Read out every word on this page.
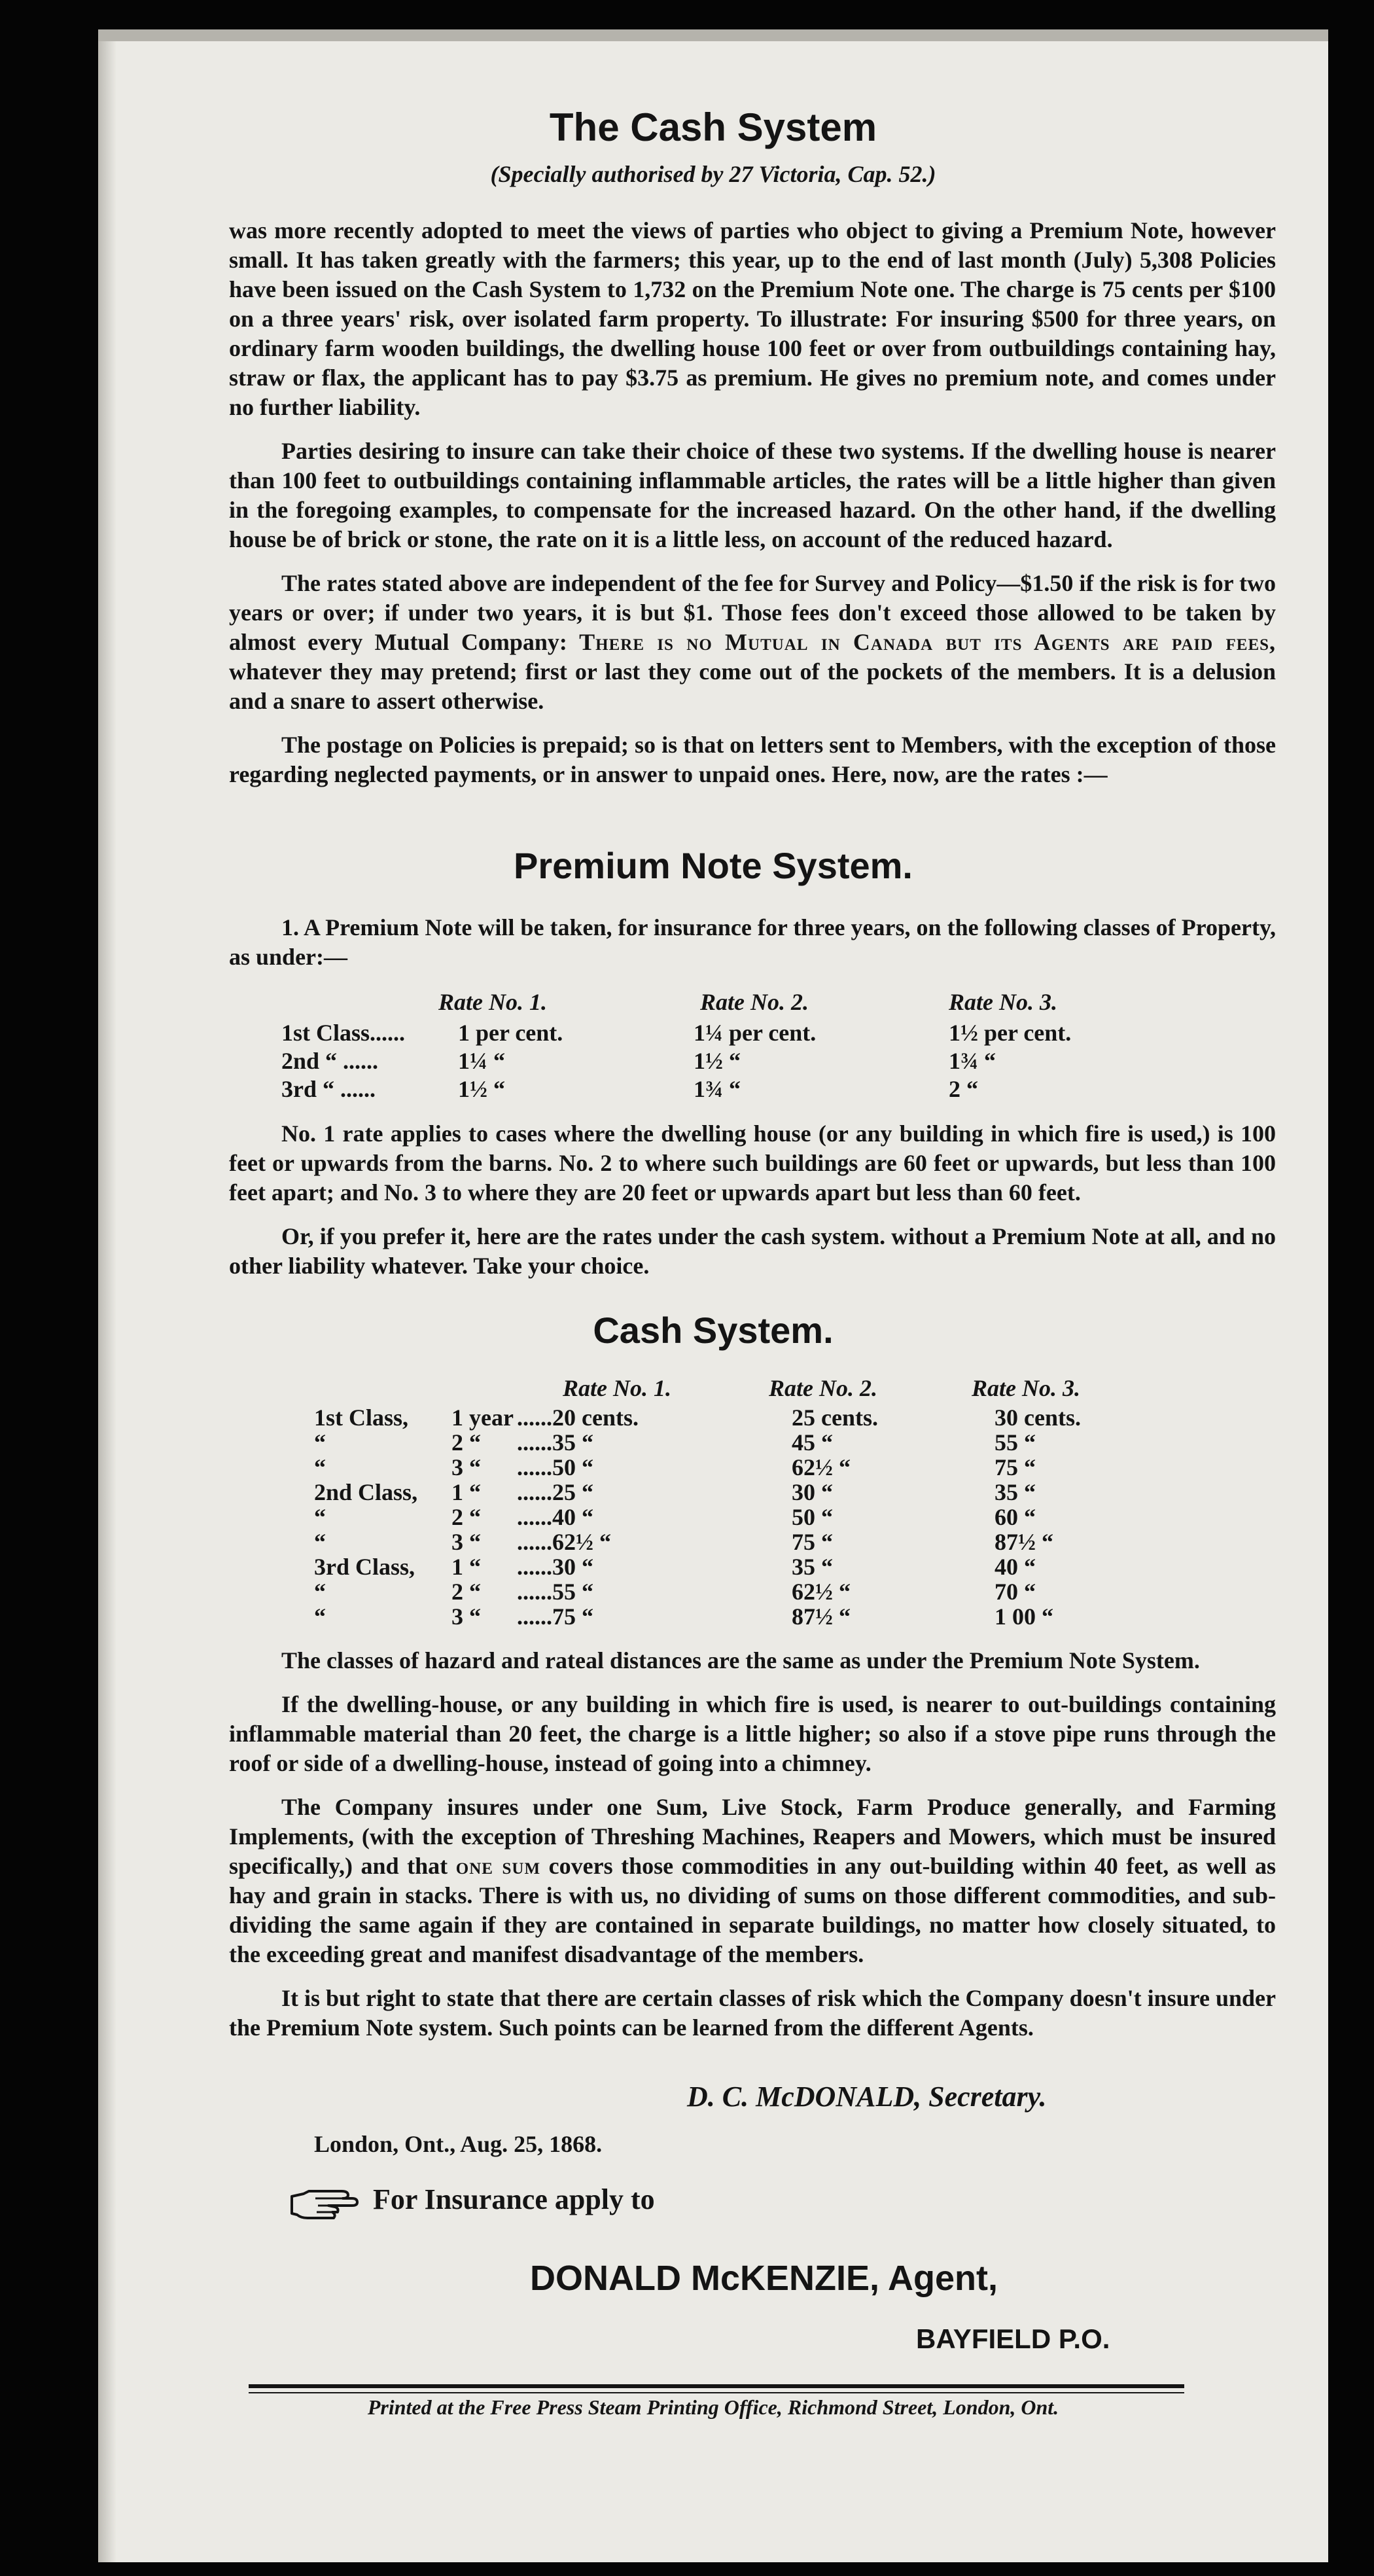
The Cash System
(Specially authorised by 27 Victoria, Cap. 52.)

was more recently adopted to meet the views of parties who object to giving a Premium Note, however small. It has taken greatly with the farmers; this year, up to the end of last month (July) 5,308 Policies have been issued on the Cash System to 1,732 on the Premium Note one. The charge is 75 cents per $100 on a three years' risk, over isolated farm property. To illustrate: For insuring $500 for three years, on ordinary farm wooden buildings, the dwelling house 100 feet or over from outbuildings containing hay, straw or flax, the applicant has to pay $3.75 as premium. He gives no premium note, and comes under no further liability.

Parties desiring to insure can take their choice of these two systems. If the dwelling house is nearer than 100 feet to outbuildings containing inflammable articles, the rates will be a little higher than given in the foregoing examples, to compensate for the increased hazard. On the other hand, if the dwelling house be of brick or stone, the rate on it is a little less, on account of the reduced hazard.

The rates stated above are independent of the fee for Survey and Policy—$1.50 if the risk is for two years or over; if under two years, it is but $1. Those fees don't exceed those allowed to be taken by almost every Mutual Company: There is no Mutual in Canada but its Agents are paid fees, whatever they may pretend; first or last they come out of the pockets of the members. It is a delusion and a snare to assert otherwise.

The postage on Policies is prepaid; so is that on letters sent to Members, with the exception of those regarding neglected payments, or in answer to unpaid ones. Here, now, are the rates :—

Premium Note System.
1. A Premium Note will be taken, for insurance for three years, on the following classes of Property, as under:—
Rate No. 1.	Rate No. 2.	Rate No. 3.
1st Class...... 1 per cent.	1¼ per cent.	1½ per cent.
2nd “ ......	1¼ “	1½ “	1¾ “
3rd “ ......	1½ “	1¾ “	2 “

No. 1 rate applies to cases where the dwelling house (or any building in which fire is used,) is 100 feet or upwards from the barns. No. 2 to where such buildings are 60 feet or upwards, but less than 100 feet apart; and No. 3 to where they are 20 feet or upwards apart but less than 60 feet.

Or, if you prefer it, here are the rates under the cash system. without a Premium Note at all, and no other liability whatever. Take your choice.

Cash System.
Rate No. 1.	Rate No. 2.	Rate No. 3.
1st Class, 1 year ......20 cents.	25 cents.	30 cents.
“	2 “ ......35 “	45 “	55 “
“	3 “ ......50 “	62½ “	75 “
2nd Class, 1 “ ......25 “	30 “	35 “
“	2 “ ......40 “	50 “	60 “
“	3 “ ......62½ “	75 “	87½ “
3rd Class, 1 “ ......30 “	35 “	40 “
“	2 “ ......55 “	62½ “	70 “
“	3 “ ......75 “	87½ “	1 00 “

The classes of hazard and rateal distances are the same as under the Premium Note System.

If the dwelling-house, or any building in which fire is used, is nearer to out-buildings containing inflammable material than 20 feet, the charge is a little higher; so also if a stove pipe runs through the roof or side of a dwelling-house, instead of going into a chimney.

The Company insures under one Sum, Live Stock, Farm Produce generally, and Farming Implements, (with the exception of Threshing Machines, Reapers and Mowers, which must be insured specifically,) and that one sum covers those commodities in any out-building within 40 feet, as well as hay and grain in stacks. There is with us, no dividing of sums on those different commodities, and sub-dividing the same again if they are contained in separate buildings, no matter how closely situated, to the exceeding great and manifest disadvantage of the members.

It is but right to state that there are certain classes of risk which the Company doesn't insure under the Premium Note system. Such points can be learned from the different Agents.

D. C. McDONALD, Secretary.
London, Ont., Aug. 25, 1868.
For Insurance apply to
DONALD McKENZIE, Agent,
BAYFIELD P.O.
Printed at the Free Press Steam Printing Office, Richmond Street, London, Ont.
